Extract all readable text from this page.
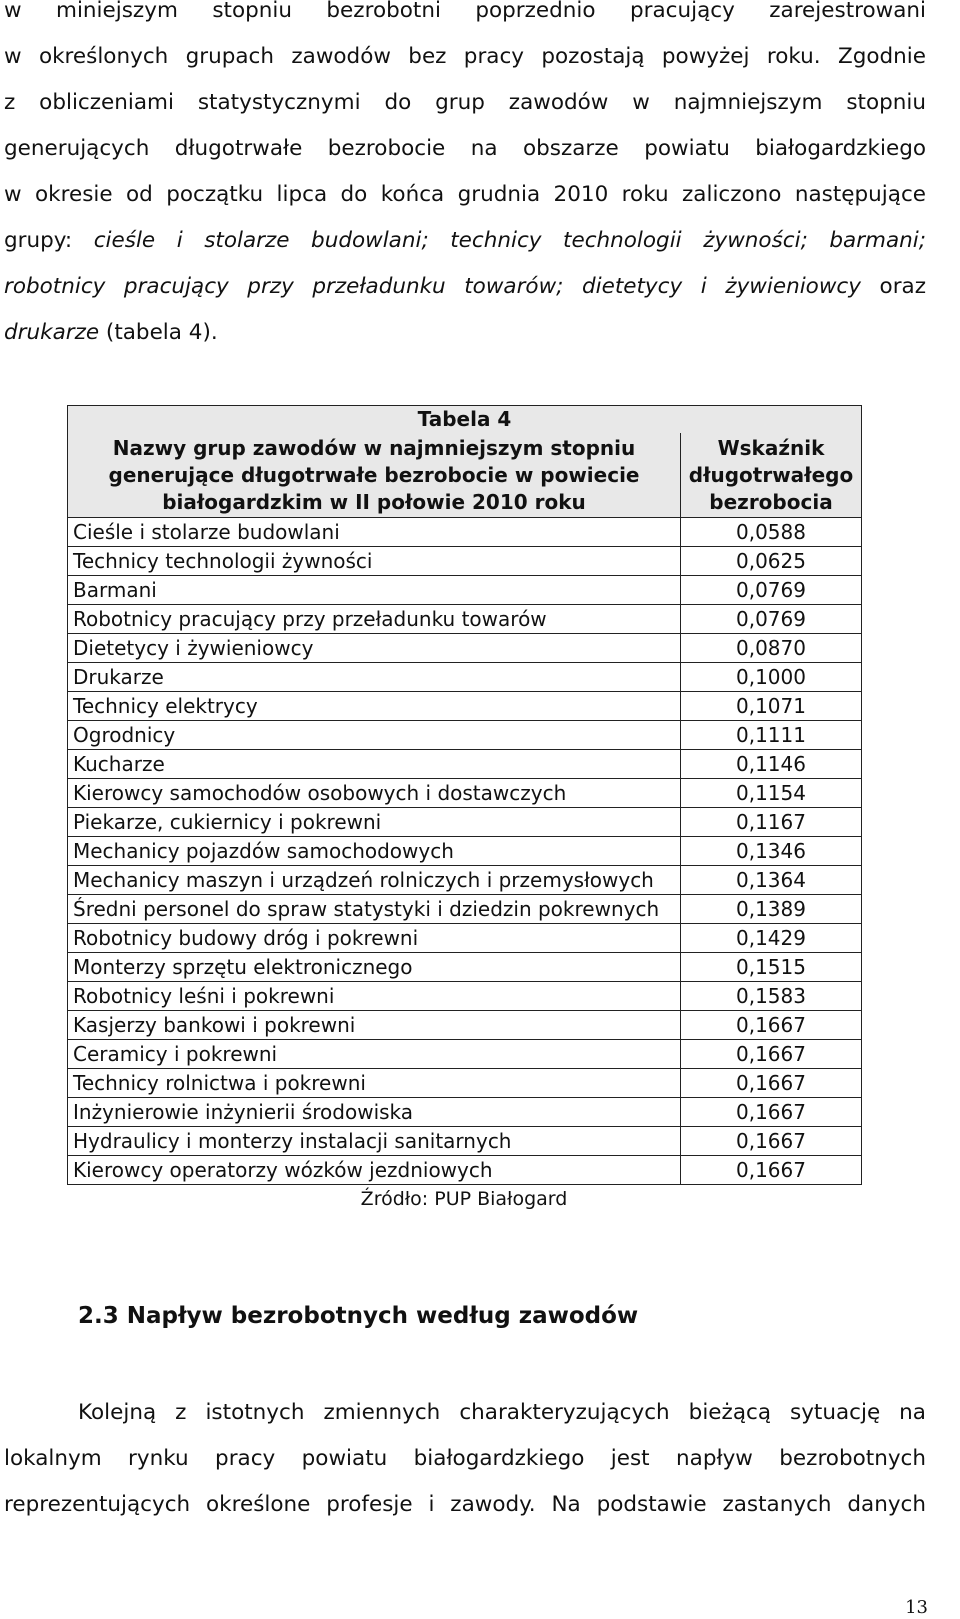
w miniejszym stopniu bezrobotni poprzednio pracujący zarejestrowani
w określonych grupach zawodów bez pracy pozostają powyżej roku. Zgodnie
z obliczeniami statystycznymi do grup zawodów w najmniejszym stopniu
generujących długotrwałe bezrobocie na obszarze powiatu białogardzkiego
w okresie od początku lipca do końca grudnia 2010 roku zaliczono następujące
grupy: cieśle i stolarze budowlani; technicy technologii żywności; barmani;
robotnicy pracujący przy przeładunku towarów; dietetycy i żywieniowcy oraz
drukarze (tabela 4).
Tabela 4	
Nazwy grup zawodów w najmniejszym stopniu generujące długotrwałe bezrobocie w powiecie białogardzkim w II połowie 2010 roku	Wskaźnik długotrwałego bezrobocia
Cieśle i stolarze budowlani	0,0588
Technicy technologii żywności	0,0625
Barmani	0,0769
Robotnicy pracujący przy przeładunku towarów	0,0769
Dietetycy i żywieniowcy	0,0870
Drukarze	0,1000
Technicy elektrycy	0,1071
Ogrodnicy	0,1111
Kucharze	0,1146
Kierowcy samochodów osobowych i dostawczych	0,1154
Piekarze, cukiernicy i pokrewni	0,1167
Mechanicy pojazdów samochodowych	0,1346
Mechanicy maszyn i urządzeń rolniczych i przemysłowych	0,1364
Średni personel do spraw statystyki i dziedzin pokrewnych	0,1389
Robotnicy budowy dróg i pokrewni	0,1429
Monterzy sprzętu elektronicznego	0,1515
Robotnicy leśni i pokrewni	0,1583
Kasjerzy bankowi i pokrewni	0,1667
Ceramicy i pokrewni	0,1667
Technicy rolnictwa i pokrewni	0,1667
Inżynierowie inżynierii środowiska	0,1667
Hydraulicy i monterzy instalacji sanitarnych	0,1667
Kierowcy operatorzy wózków jezdniowych	0,1667
Źródło: PUP Białogard
2.3 Napływ bezrobotnych według zawodów
Kolejną z istotnych zmiennych charakteryzujących bieżącą sytuację na
lokalnym rynku pracy powiatu białogardzkiego jest napływ bezrobotnych
reprezentujących określone profesje i zawody. Na podstawie zastanych danych
13
